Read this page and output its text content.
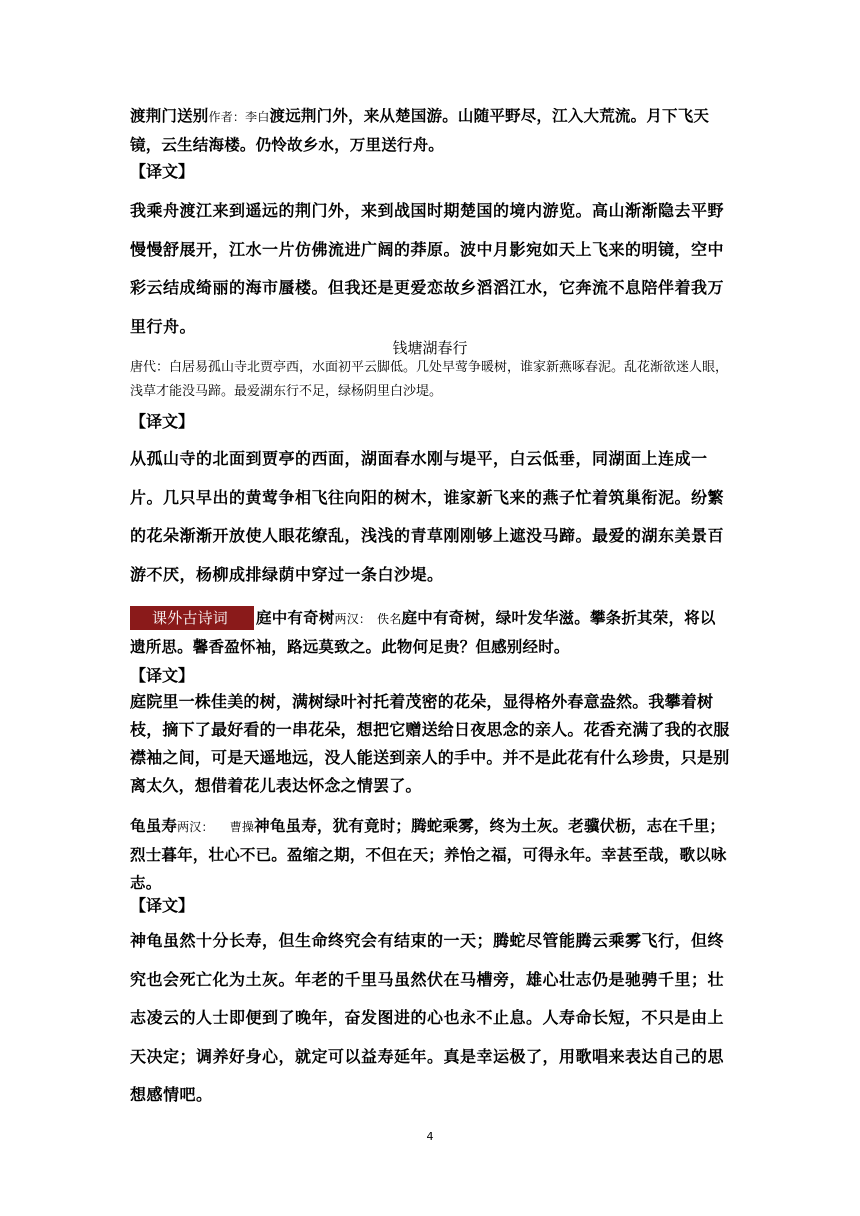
渡荆门送别作者：李白渡远荆门外，来从楚国游。山随平野尽，江入大荒流。月下飞天镜，云生结海楼。仍怜故乡水，万里送行舟。

【译文】

我乘舟渡江来到遥远的荆门外，来到战国时期楚国的境内游览。高山渐渐隐去平野慢慢舒展开，江水一片仿佛流进广阔的莽原。波中月影宛如天上飞来的明镜，空中彩云结成绮丽的海市蜃楼。但我还是更爱恋故乡滔滔江水，它奔流不息陪伴着我万里行舟。

钱塘湖春行

唐代：白居易孤山寺北贾亭西，水面初平云脚低。几处早莺争暖树，谁家新燕啄春泥。乱花渐欲迷人眼，浅草才能没马蹄。最爱湖东行不足，绿杨阴里白沙堤。

【译文】

从孤山寺的北面到贾亭的西面，湖面春水刚与堤平，白云低垂，同湖面上连成一片。几只早出的黄莺争相飞往向阳的树木，谁家新飞来的燕子忙着筑巢衔泥。纷繁的花朵渐渐开放使人眼花缭乱，浅浅的青草刚刚够上遮没马蹄。最爱的湖东美景百游不厌，杨柳成排绿荫中穿过一条白沙堤。

课外古诗词 庭中有奇树两汉： 佚名庭中有奇树，绿叶发华滋。攀条折其荣，将以遗所思。馨香盈怀袖，路远莫致之。此物何足贵？但感别经时。

【译文】

庭院里一株佳美的树，满树绿叶衬托着茂密的花朵，显得格外春意盎然。我攀着树枝，摘下了最好看的一串花朵，想把它赠送给日夜思念的亲人。花香充满了我的衣服襟袖之间，可是天遥地远，没人能送到亲人的手中。并不是此花有什么珍贵，只是别离太久，想借着花儿表达怀念之情罢了。

龟虽寿两汉： 曹操神龟虽寿，犹有竟时；腾蛇乘雾，终为土灰。老骥伏枥，志在千里；烈士暮年，壮心不已。盈缩之期，不但在天；养怡之福，可得永年。幸甚至哉，歌以咏志。

【译文】

神龟虽然十分长寿，但生命终究会有结束的一天；腾蛇尽管能腾云乘雾飞行，但终究也会死亡化为土灰。年老的千里马虽然伏在马槽旁，雄心壮志仍是驰骋千里；壮志凌云的人士即便到了晚年，奋发图进的心也永不止息。人寿命长短，不只是由上天决定；调养好身心，就定可以益寿延年。真是幸运极了，用歌唱来表达自己的思想感情吧。

4
